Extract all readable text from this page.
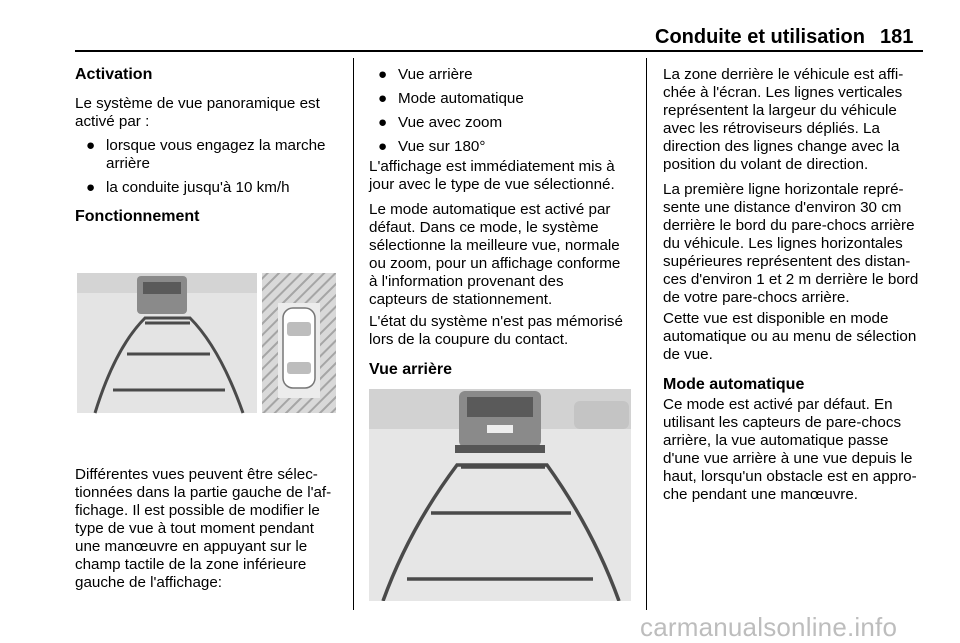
Conduite et utilisation 181
Activation
Le système de vue panoramique est
activé par :
● lorsque vous engagez la marche
arrière
● la conduite jusqu'à 10 km/h
Fonctionnement
Différentes vues peuvent être sélec-
tionnées dans la partie gauche de l'af-
fichage. Il est possible de modifier le
type de vue à tout moment pendant
une manœuvre en appuyant sur le
champ tactile de la zone inférieure
gauche de l'affichage:
● Vue arrière
● Mode automatique
● Vue avec zoom
● Vue sur 180°
L'affichage est immédiatement mis à
jour avec le type de vue sélectionné.
Le mode automatique est activé par
défaut. Dans ce mode, le système
sélectionne la meilleure vue, normale
ou zoom, pour un affichage conforme
à l'information provenant des
capteurs de stationnement.
L'état du système n'est pas mémorisé
lors de la coupure du contact.
Vue arrière
La zone derrière le véhicule est affi-
chée à l'écran. Les lignes verticales
représentent la largeur du véhicule
avec les rétroviseurs dépliés. La
direction des lignes change avec la
position du volant de direction.
La première ligne horizontale repré-
sente une distance d'environ 30 cm
derrière le bord du pare-chocs arrière
du véhicule. Les lignes horizontales
supérieures représentent des distan-
ces d'environ 1 et 2 m derrière le bord
de votre pare-chocs arrière.
Cette vue est disponible en mode
automatique ou au menu de sélection
de vue.
Mode automatique
Ce mode est activé par défaut. En
utilisant les capteurs de pare-chocs
arrière, la vue automatique passe
d'une vue arrière à une vue depuis le
haut, lorsqu'un obstacle est en appro-
che pendant une manœuvre.
carmanualsonline.info
